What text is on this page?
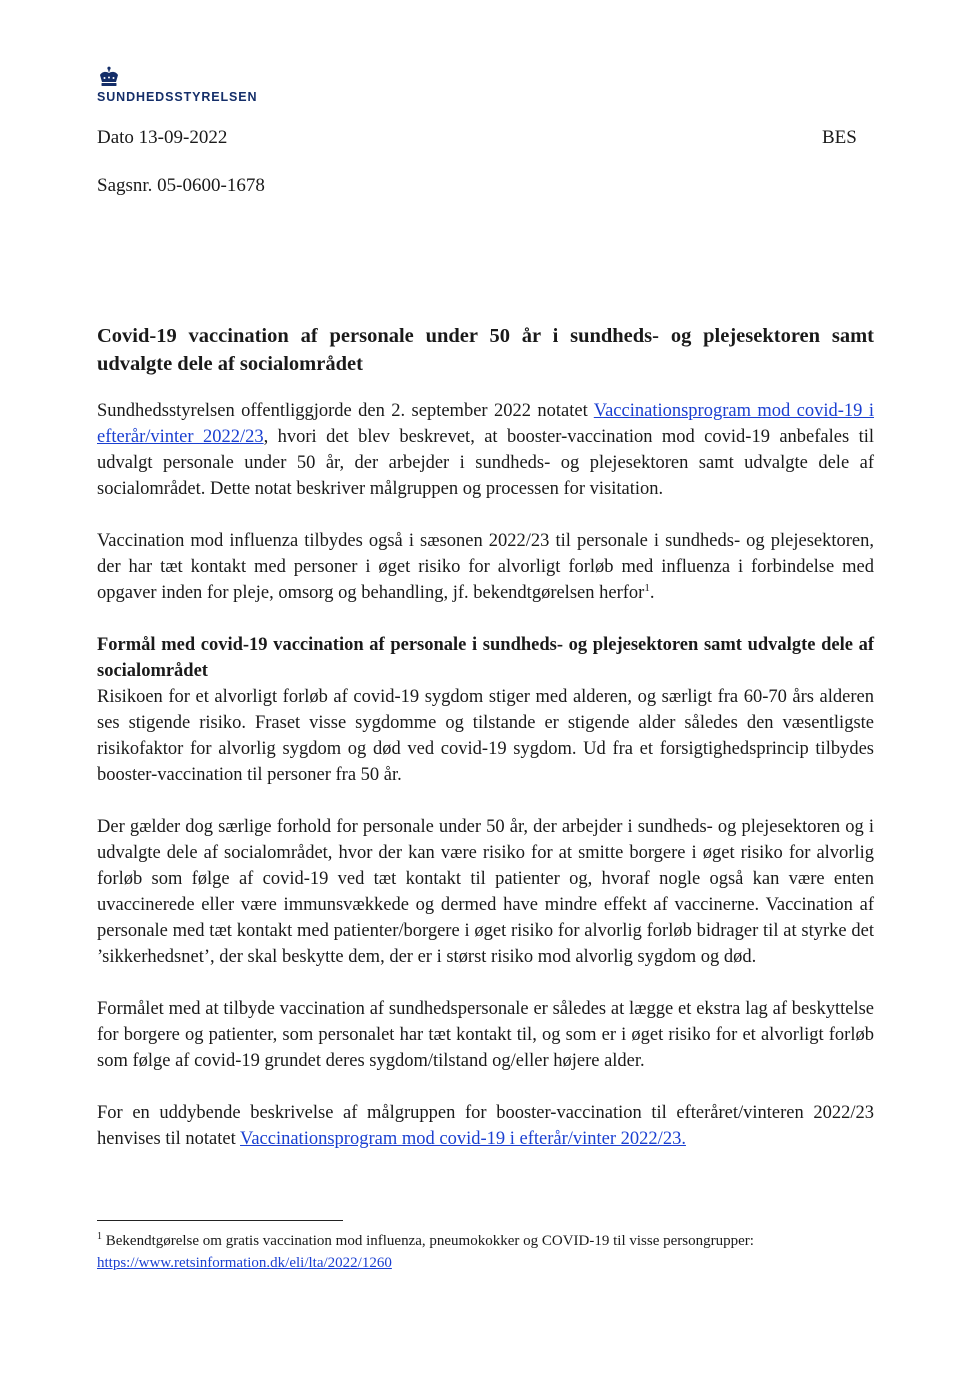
SUNDHEDSSTYRELSEN
Dato 13-09-2022	BES
Sagsnr. 05-0600-1678
Covid-19 vaccination af personale under 50 år i sundheds- og plejesektoren samt udvalgte dele af socialområdet

Sundhedsstyrelsen offentliggjorde den 2. september 2022 notatet Vaccinationsprogram mod covid-19 i efterår/vinter 2022/23, hvori det blev beskrevet, at booster-vaccination mod covid-19 anbefales til udvalgt personale under 50 år, der arbejder i sundheds- og plejesektoren samt udvalgte dele af socialområdet. Dette notat beskriver målgruppen og processen for visitation.

Vaccination mod influenza tilbydes også i sæsonen 2022/23 til personale i sundheds- og plejesektoren, der har tæt kontakt med personer i øget risiko for alvorligt forløb med influenza i forbindelse med opgaver inden for pleje, omsorg og behandling, jf. bekendtgørelsen herfor$^1$.

Formål med covid-19 vaccination af personale i sundheds- og plejesektoren samt udvalgte dele af socialområdet

Risikoen for et alvorligt forløb af covid-19 sygdom stiger med alderen, og særligt fra 60-70 års alderen ses stigende risiko. Fraset visse sygdomme og tilstande er stigende alder således den væsentligste risikofaktor for alvorlig sygdom og død ved covid-19 sygdom. Ud fra et forsigtighedsprincip tilbydes booster-vaccination til personer fra 50 år.

Der gælder dog særlige forhold for personale under 50 år, der arbejder i sundheds- og plejesektoren og i udvalgte dele af socialområdet, hvor der kan være risiko for at smitte borgere i øget risiko for alvorlig forløb som følge af covid-19 ved tæt kontakt til patienter og, hvoraf nogle også kan være enten uvaccinerede eller være immunsvækkede og dermed have mindre effekt af vaccinerne. Vaccination af personale med tæt kontakt med patienter/borgere i øget risiko for alvorlig forløb bidrager til at styrke det ’sikkerhedsnet’, der skal beskytte dem, der er i størst risiko mod alvorlig sygdom og død.

Formålet med at tilbyde vaccination af sundhedspersonale er således at lægge et ekstra lag af beskyttelse for borgere og patienter, som personalet har tæt kontakt til, og som er i øget risiko for et alvorligt forløb som følge af covid-19 grundet deres sygdom/tilstand og/eller højere alder.

For en uddybende beskrivelse af målgruppen for booster-vaccination til efteråret/vinteren 2022/23 henvises til notatet Vaccinationsprogram mod covid-19 i efterår/vinter 2022/23.

$^1$ Bekendtgørelse om gratis vaccination mod influenza, pneumokokker og COVID-19 til visse persongrupper:
https://www.retsinformation.dk/eli/lta/2022/1260
